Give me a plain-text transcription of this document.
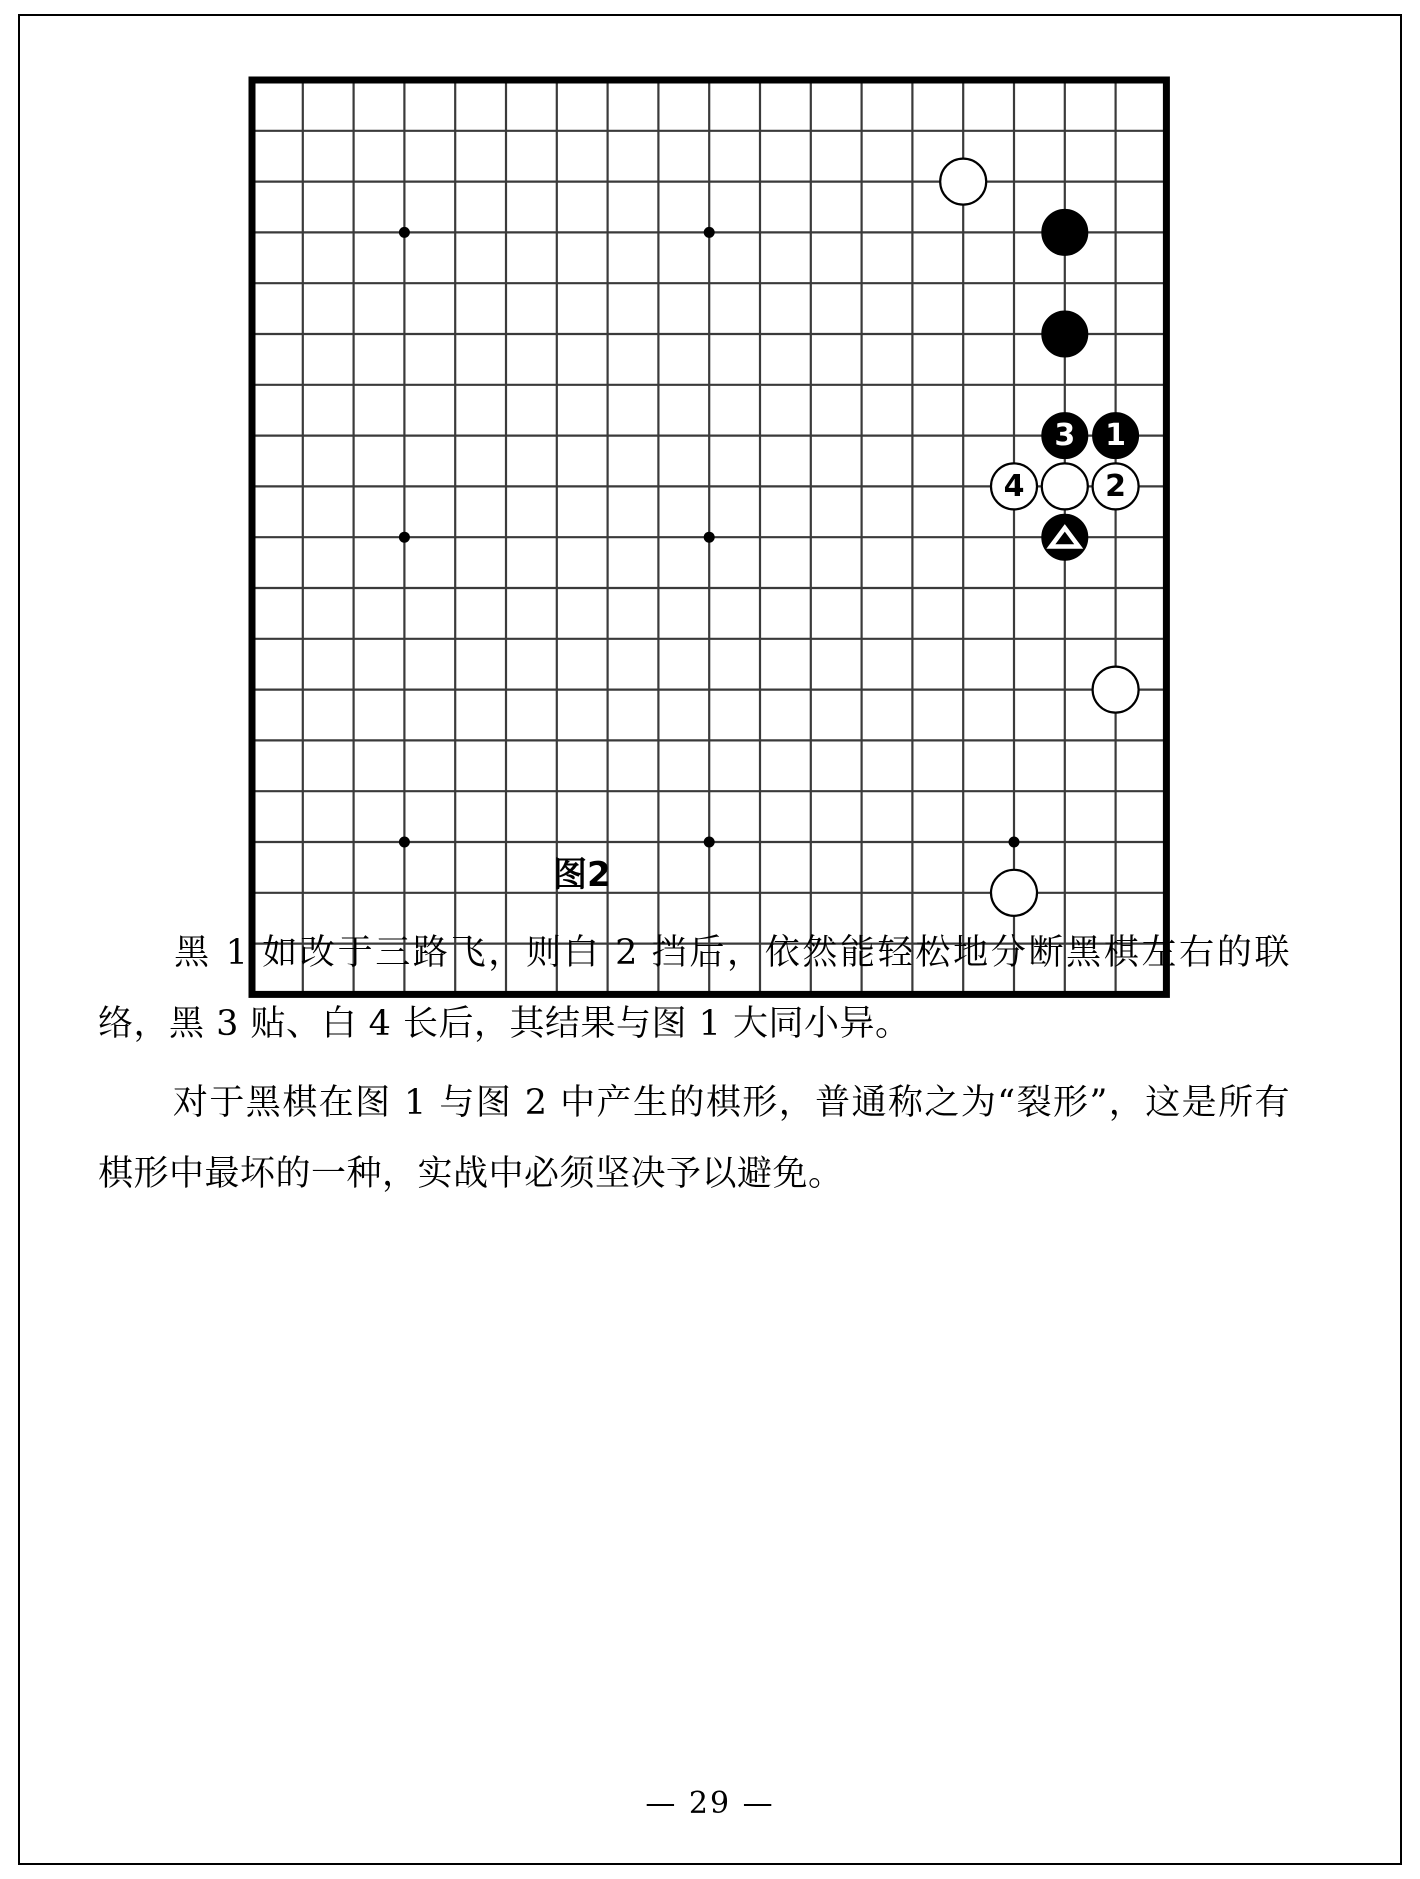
3 1
4	2
图2

黑 1 如改于三路飞，则白 2 挡后，依然能轻松地分断黑棋左右的联络，黑 3 贴、白 4 长后，其结果与图 1 大同小异。

对于黑棋在图 1 与图 2 中产生的棋形，普通称之为“裂形”，这是所有棋形中最坏的一种，实战中必须坚决予以避免。

— 29 —
